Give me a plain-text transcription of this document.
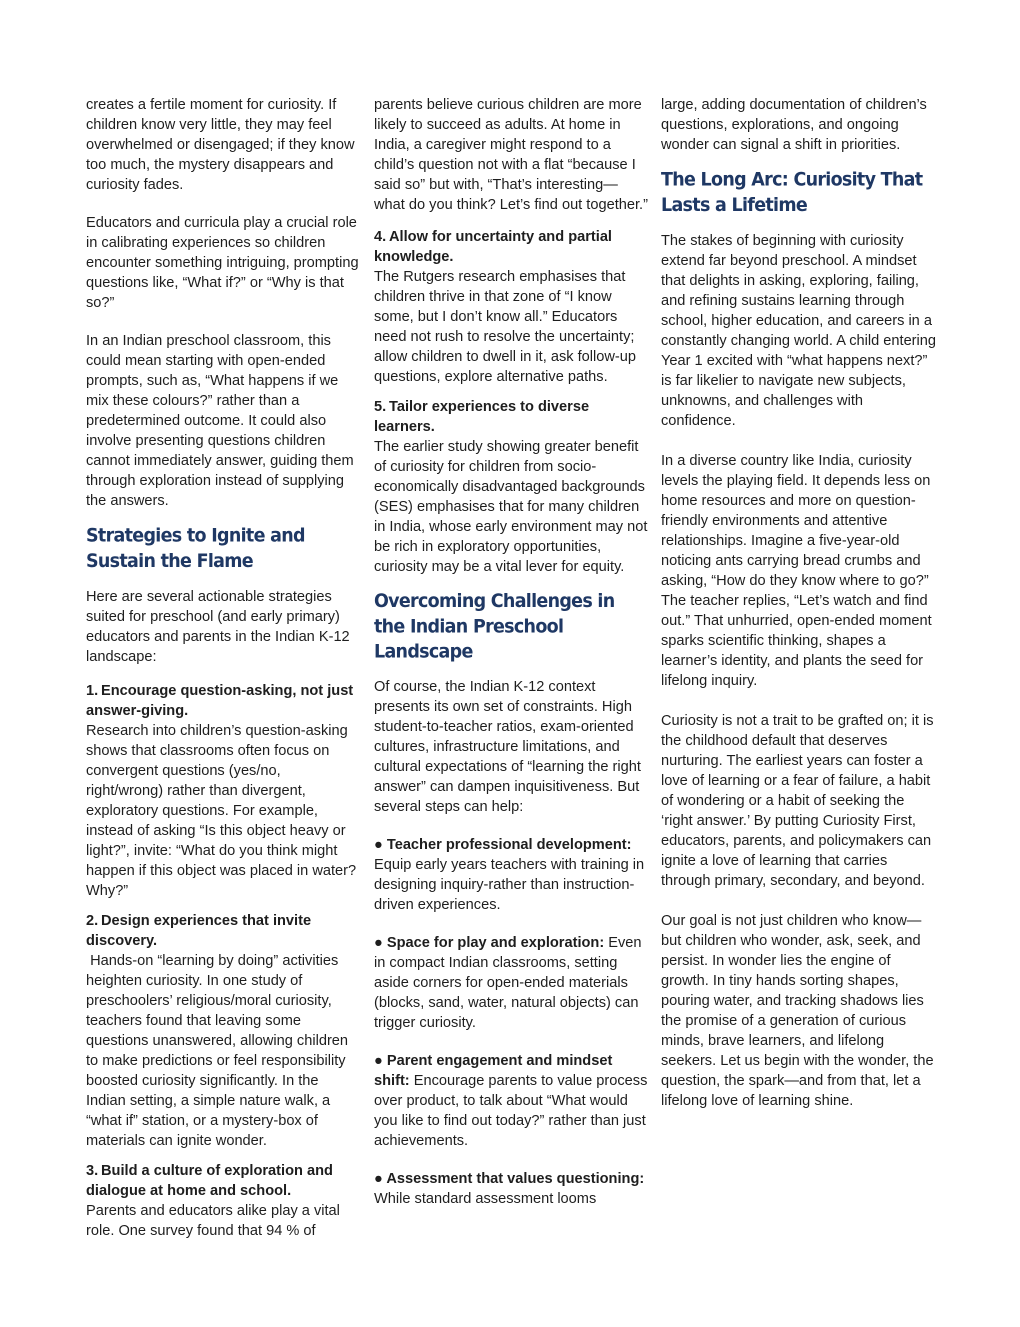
creates a fertile moment for curiosity. If children know very little, they may feel overwhelmed or disengaged; if they know too much, the mystery disappears and curiosity fades.

Educators and curricula play a crucial role in calibrating experiences so children encounter something intriguing, prompting questions like, “What if?” or “Why is that so?”

In an Indian preschool classroom, this could mean starting with open-ended prompts, such as, “What happens if we mix these colours?” rather than a predetermined outcome. It could also involve presenting questions children cannot immediately answer, guiding them through exploration instead of supplying the answers.

Strategies to Ignite and Sustain the Flame

Here are several actionable strategies suited for preschool (and early primary) educators and parents in the Indian K-12 landscape:

1. Encourage question-asking, not just answer-giving.

Research into children’s question-asking shows that classrooms often focus on convergent questions (yes/no, right/wrong) rather than divergent, exploratory questions. For example, instead of asking “Is this object heavy or light?”, invite: “What do you think might happen if this object was placed in water? Why?”

2. Design experiences that invite discovery.

Hands-on “learning by doing” activities heighten curiosity. In one study of preschoolers’ religious/moral curiosity, teachers found that leaving some questions unanswered, allowing children to make predictions or feel responsibility boosted curiosity significantly. In the Indian setting, a simple nature walk, a “what if” station, or a mystery-box of materials can ignite wonder.

3. Build a culture of exploration and dialogue at home and school.

Parents and educators alike play a vital role. One survey found that 94 % of

parents believe curious children are more likely to succeed as adults. At home in India, a caregiver might respond to a child’s question not with a flat “because I said so” but with, “That’s interesting—what do you think? Let’s find out together.”

4. Allow for uncertainty and partial knowledge.

The Rutgers research emphasises that children thrive in that zone of “I know some, but I don’t know all.” Educators need not rush to resolve the uncertainty; allow children to dwell in it, ask follow-up questions, explore alternative paths.

5. Tailor experiences to diverse learners.

The earlier study showing greater benefit of curiosity for children from socio-economically disadvantaged backgrounds (SES) emphasises that for many children in India, whose early environment may not be rich in exploratory opportunities, curiosity may be a vital lever for equity.

Overcoming Challenges in the Indian Preschool Landscape

Of course, the Indian K-12 context presents its own set of constraints. High student-to-teacher ratios, exam-oriented cultures, infrastructure limitations, and cultural expectations of “learning the right answer” can dampen inquisitiveness. But several steps can help:

● Teacher professional development:
Equip early years teachers with training in designing inquiry-rather than instruction-driven experiences.

● Space for play and exploration: Even in compact Indian classrooms, setting aside corners for open-ended materials (blocks, sand, water, natural objects) can trigger curiosity.

● Parent engagement and mindset shift: Encourage parents to value process over product, to talk about “What would you like to find out today?” rather than just achievements.

● Assessment that values questioning:
While standard assessment looms

large, adding documentation of children’s questions, explorations, and ongoing wonder can signal a shift in priorities.

The Long Arc: Curiosity That Lasts a Lifetime

The stakes of beginning with curiosity extend far beyond preschool. A mindset that delights in asking, exploring, failing, and refining sustains learning through school, higher education, and careers in a constantly changing world. A child entering Year 1 excited with “what happens next?” is far likelier to navigate new subjects, unknowns, and challenges with confidence.

In a diverse country like India, curiosity levels the playing field. It depends less on home resources and more on question-friendly environments and attentive relationships. Imagine a five-year-old noticing ants carrying bread crumbs and asking, “How do they know where to go?” The teacher replies, “Let’s watch and find out.” That unhurried, open-ended moment sparks scientific thinking, shapes a learner’s identity, and plants the seed for lifelong inquiry.

Curiosity is not a trait to be grafted on; it is the childhood default that deserves nurturing. The earliest years can foster a love of learning or a fear of failure, a habit of wondering or a habit of seeking the ‘right answer.’ By putting Curiosity First, educators, parents, and policymakers can ignite a love of learning that carries through primary, secondary, and beyond.

Our goal is not just children who know—but children who wonder, ask, seek, and persist. In wonder lies the engine of growth. In tiny hands sorting shapes, pouring water, and tracking shadows lies the promise of a generation of curious minds, brave learners, and lifelong seekers. Let us begin with the wonder, the question, the spark—and from that, let a lifelong love of learning shine.
